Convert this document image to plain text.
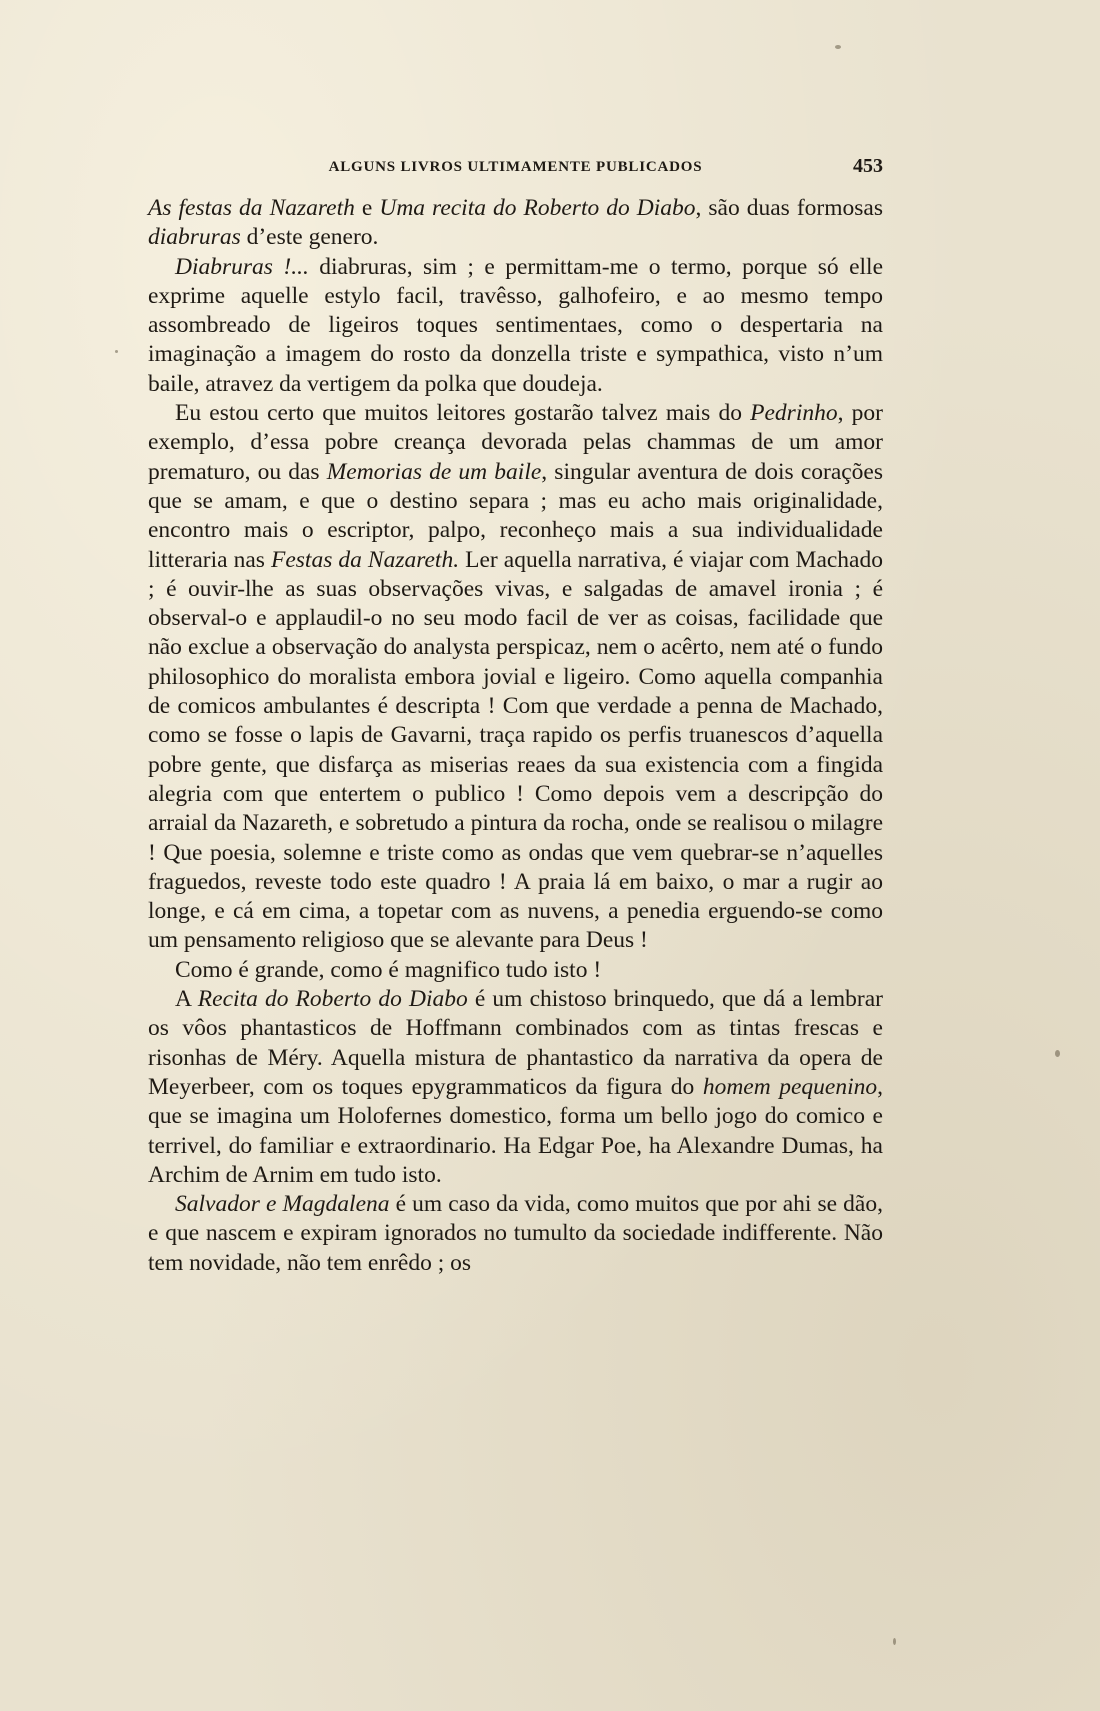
ALGUNS LIVROS ULTIMAMENTE PUBLICADOS	453

As festas da Nazareth e Uma recita do Roberto do Diabo, são duas formosas diabruras d’este genero.

Diabruras !... diabruras, sim ; e permittam-me o termo, porque só elle exprime aquelle estylo facil, travêsso, galhofeiro, e ao mesmo tempo assombreado de ligeiros toques sentimentaes, como o despertaria na imaginação a imagem do rosto da donzella triste e sympathica, visto n’um baile, atravez da vertigem da polka que doudeja.

Eu estou certo que muitos leitores gostarão talvez mais do Pedrinho, por exemplo, d’essa pobre creança devorada pelas chammas de um amor prematuro, ou das Memorias de um baile, singular aventura de dois corações que se amam, e que o destino separa ; mas eu acho mais originalidade, encontro mais o escriptor, palpo, reconheço mais a sua individualidade litteraria nas Festas da Nazareth. Ler aquella narrativa, é viajar com Machado ; é ouvir-lhe as suas observações vivas, e salgadas de amavel ironia ; é observal-o e applaudil-o no seu modo facil de ver as coisas, facilidade que não exclue a observação do analysta perspicaz, nem o acêrto, nem até o fundo philosophico do moralista embora jovial e ligeiro. Como aquella companhia de comicos ambulantes é descripta ! Com que verdade a penna de Machado, como se fosse o lapis de Gavarni, traça rapido os perfis truanescos d’aquella pobre gente, que disfarça as miserias reaes da sua existencia com a fingida alegria com que entertem o publico ! Como depois vem a descripção do arraial da Nazareth, e sobretudo a pintura da rocha, onde se realisou o milagre ! Que poesia, solemne e triste como as ondas que vem quebrar-se n’aquelles fraguedos, reveste todo este quadro ! A praia lá em baixo, o mar a rugir ao longe, e cá em cima, a topetar com as nuvens, a penedia erguendo-se como um pensamento religioso que se alevante para Deus !

Como é grande, como é magnifico tudo isto !

A Recita do Roberto do Diabo é um chistoso brinquedo, que dá a lembrar os vôos phantasticos de Hoffmann combinados com as tintas frescas e risonhas de Méry. Aquella mistura de phantastico da narrativa da opera de Meyerbeer, com os toques epygrammaticos da figura do homem pequenino, que se imagina um Holofernes domestico, forma um bello jogo do comico e terrivel, do familiar e extraordinario. Ha Edgar Poe, ha Alexandre Dumas, ha Archim de Arnim em tudo isto.

Salvador e Magdalena é um caso da vida, como muitos que por ahi se dão, e que nascem e expiram ignorados no tumulto da sociedade indifferente. Não tem novidade, não tem enrêdo ; os
